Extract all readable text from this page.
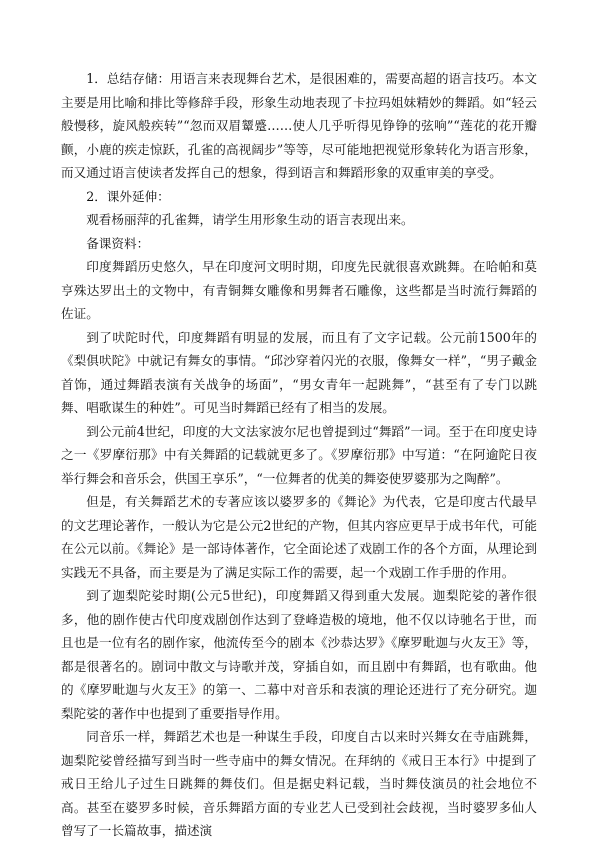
1．总结存储：用语言来表现舞台艺术，是很困难的，需要高超的语言技巧。本文主要是用比喻和排比等修辞手段，形象生动地表现了卡拉玛姐妹精妙的舞蹈。如“轻云般慢移，旋风般疾转”“忽而双眉颦蹙……使人几乎听得见铮铮的弦响”“莲花的花开瓣颤，小鹿的疾走惊跃，孔雀的高视阔步”等等，尽可能地把视觉形象转化为语言形象，而又通过语言使读者发挥自己的想象，得到语言和舞蹈形象的双重审美的享受。

2．课外延伸：

观看杨丽萍的孔雀舞，请学生用形象生动的语言表现出来。

备课资料：

印度舞蹈历史悠久，早在印度河文明时期，印度先民就很喜欢跳舞。在哈帕和莫亨殊达罗出土的文物中，有青铜舞女雕像和男舞者石雕像，这些都是当时流行舞蹈的佐证。

到了吠陀时代，印度舞蹈有明显的发展，而且有了文字记载。公元前1500年的《梨俱吠陀》中就记有舞女的事情。“邱沙穿着闪光的衣服，像舞女一样”，“男子戴金首饰，通过舞蹈表演有关战争的场面”，“男女青年一起跳舞”，“甚至有了专门以跳舞、唱歌谋生的种姓”。可见当时舞蹈已经有了相当的发展。

到公元前4世纪，印度的大文法家波尔尼也曾提到过“舞蹈”一词。至于在印度史诗之一《罗摩衍那》中有关舞蹈的记载就更多了。《罗摩衍那》中写道：“在阿逾陀日夜举行舞会和音乐会，供国王享乐”，“一位舞者的优美的舞姿使罗婆那为之陶醉”。

但是，有关舞蹈艺术的专著应该以婆罗多的《舞论》为代表，它是印度古代最早的文艺理论著作，一般认为它是公元2世纪的产物，但其内容应更早于成书年代，可能在公元以前。《舞论》是一部诗体著作，它全面论述了戏剧工作的各个方面，从理论到实践无不具备，而主要是为了满足实际工作的需要，起一个戏剧工作手册的作用。

到了迦梨陀娑时期(公元5世纪)，印度舞蹈又得到重大发展。迦梨陀娑的著作很多，他的剧作使古代印度戏剧创作达到了登峰造极的境地，他不仅以诗驰名于世，而且也是一位有名的剧作家，他流传至今的剧本《沙恭达罗》《摩罗毗迦与火友王》等，都是很著名的。剧词中散文与诗歌并茂，穿插自如，而且剧中有舞蹈，也有歌曲。他的《摩罗毗迦与火友王》的第一、二幕中对音乐和表演的理论还进行了充分研究。迦梨陀娑的著作中也提到了重要指导作用。

同音乐一样，舞蹈艺术也是一种谋生手段，印度自古以来时兴舞女在寺庙跳舞，迦梨陀娑曾经描写到当时一些寺庙中的舞女情况。在拜纳的《戒日王本行》中提到了戒日王给儿子过生日跳舞的舞伎们。但是据史料记载，当时舞伎演员的社会地位不高。甚至在婆罗多时候，音乐舞蹈方面的专业艺人已受到社会歧视，当时婆罗多仙人曾写了一长篇故事，描述演
